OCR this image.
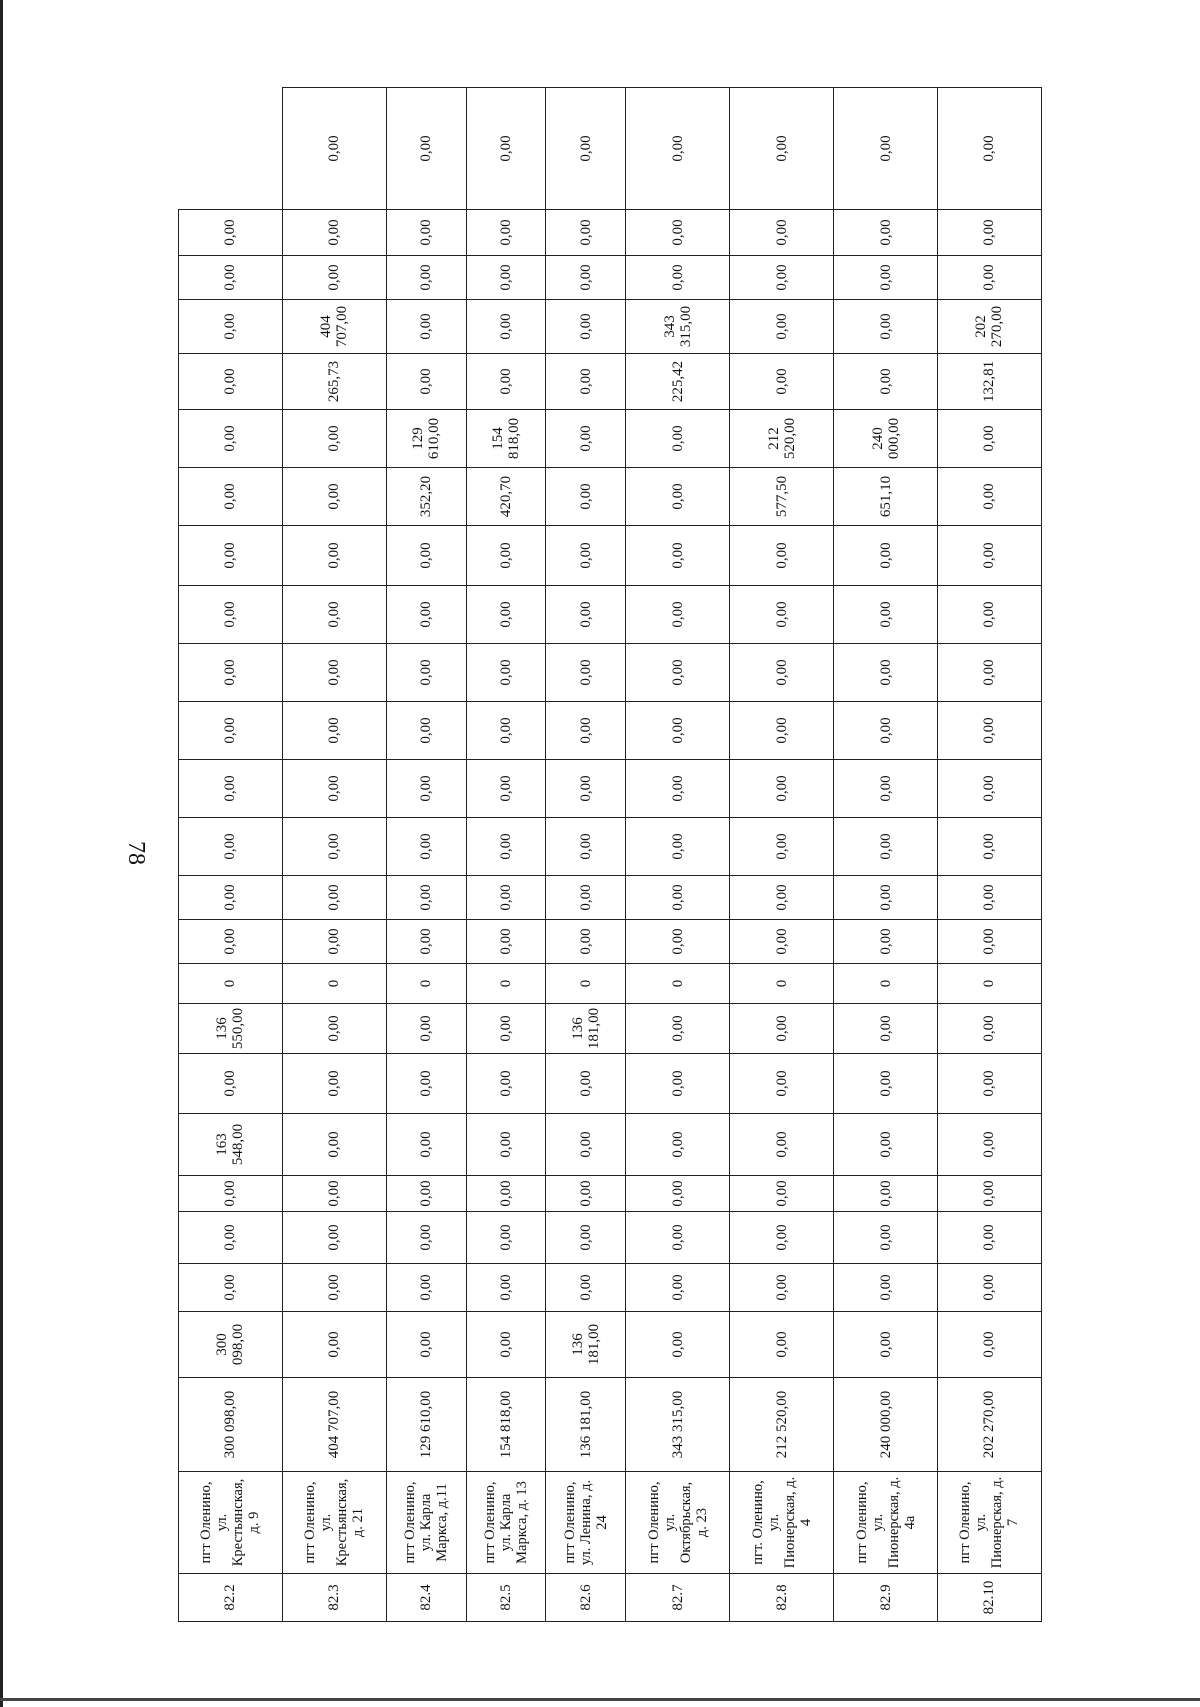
78
82.2	пгт Оленино, ул. Крестьянская, д. 9	300 098,00	300 098,00	0,00	0,00	0,00	163 548,00	0,00	136 550,00	0	0,00	0,00	0,00	0,00	0,00	0,00	0,00	0,00	0,00	0,00	0,00	0,00	0,00	0,00	
82.3	пгт Оленино, ул. Крестьянская, д. 21	404 707,00	0,00	0,00	0,00	0,00	0,00	0,00	0,00	0	0,00	0,00	0,00	0,00	0,00	0,00	0,00	0,00	0,00	0,00	265,73	404 707,00	0,00	0,00	0,00
82.4	пгт Оленино, ул. Карла Маркса, д.11	129 610,00	0,00	0,00	0,00	0,00	0,00	0,00	0,00	0	0,00	0,00	0,00	0,00	0,00	0,00	0,00	0,00	352,20	129 610,00	0,00	0,00	0,00	0,00	0,00
82.5	пгт Оленино, ул. Карла Маркса, д. 13	154 818,00	0,00	0,00	0,00	0,00	0,00	0,00	0,00	0	0,00	0,00	0,00	0,00	0,00	0,00	0,00	0,00	420,70	154 818,00	0,00	0,00	0,00	0,00	0,00
82.6	пгт Оленино, ул. Ленина, д. 24	136 181,00	136 181,00	0,00	0,00	0,00	0,00	0,00	136 181,00	0	0,00	0,00	0,00	0,00	0,00	0,00	0,00	0,00	0,00	0,00	0,00	0,00	0,00	0,00	0,00
82.7	пгт Оленино, ул. Октябрьская, д. 23	343 315,00	0,00	0,00	0,00	0,00	0,00	0,00	0,00	0	0,00	0,00	0,00	0,00	0,00	0,00	0,00	0,00	0,00	0,00	225,42	343 315,00	0,00	0,00	0,00
82.8	пгт. Оленино, ул. Пионерская, д. 4	212 520,00	0,00	0,00	0,00	0,00	0,00	0,00	0,00	0	0,00	0,00	0,00	0,00	0,00	0,00	0,00	0,00	577,50	212 520,00	0,00	0,00	0,00	0,00	0,00
82.9	пгт Оленино, ул. Пионерская, д. 4а	240 000,00	0,00	0,00	0,00	0,00	0,00	0,00	0,00	0	0,00	0,00	0,00	0,00	0,00	0,00	0,00	0,00	651,10	240 000,00	0,00	0,00	0,00	0,00	0,00
82.10	пгт Оленино, ул. Пионерская, д. 7	202 270,00	0,00	0,00	0,00	0,00	0,00	0,00	0,00	0	0,00	0,00	0,00	0,00	0,00	0,00	0,00	0,00	0,00	0,00	132,81	202 270,00	0,00	0,00	0,00
